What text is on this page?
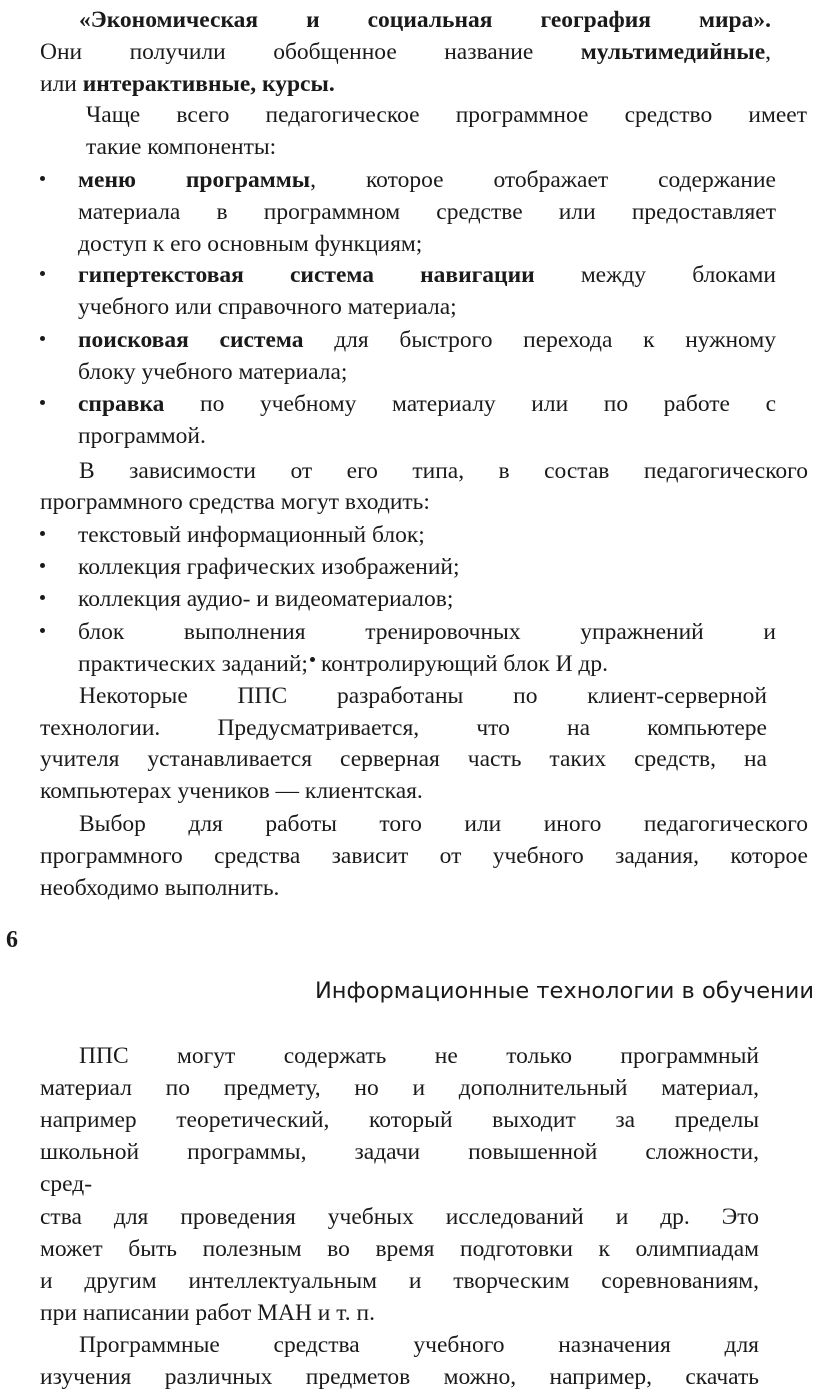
«Экономическая и социальная география мира».
Они получили обобщенное название мультимедийные,
или интерактивные, курсы.
Чаще всего педагогическое программное средство имеет
такие компоненты:
меню программы, которое отображает содержание
материала в программном средстве или предоставляет
доступ к его основным функциям;
гипертекстовая система навигации между блоками
учебного или справочного материала;
поисковая система для быстрого перехода к нужному
блоку учебного материала;
справка по учебному материалу или по работе с
программой.
В зависимости от его типа, в состав педагогического
программного средства могут входить:
текстовый информационный блок;
коллекция графических изображений;
коллекция аудио- и видеоматериалов;
блок выполнения тренировочных упражнений и
практических заданий; контролирующий блок И др.
Некоторые ППС разработаны по клиент-серверной
технологии. Предусматривается, что на компьютере
учителя устанавливается серверная часть таких средств, на
компьютерах учеников — клиентская.
Выбор для работы того или иного педагогического
программного средства зависит от учебного задания, которое
необходимо выполнить.
6
Информационные технологии в обучении
ППС могут содержать не только программный
материал по предмету, но и дополнительный материал,
например теоретический, который выходит за пределы
школьной программы, задачи повышенной сложности,
сред-
ства для проведения учебных исследований и др. Это
может быть полезным во время подготовки к олимпиадам
и другим интеллектуальным и творческим соревнованиям,
при написании работ МАН и т. п.
Программные средства учебного назначения для
изучения различных предметов можно, например, скачать
